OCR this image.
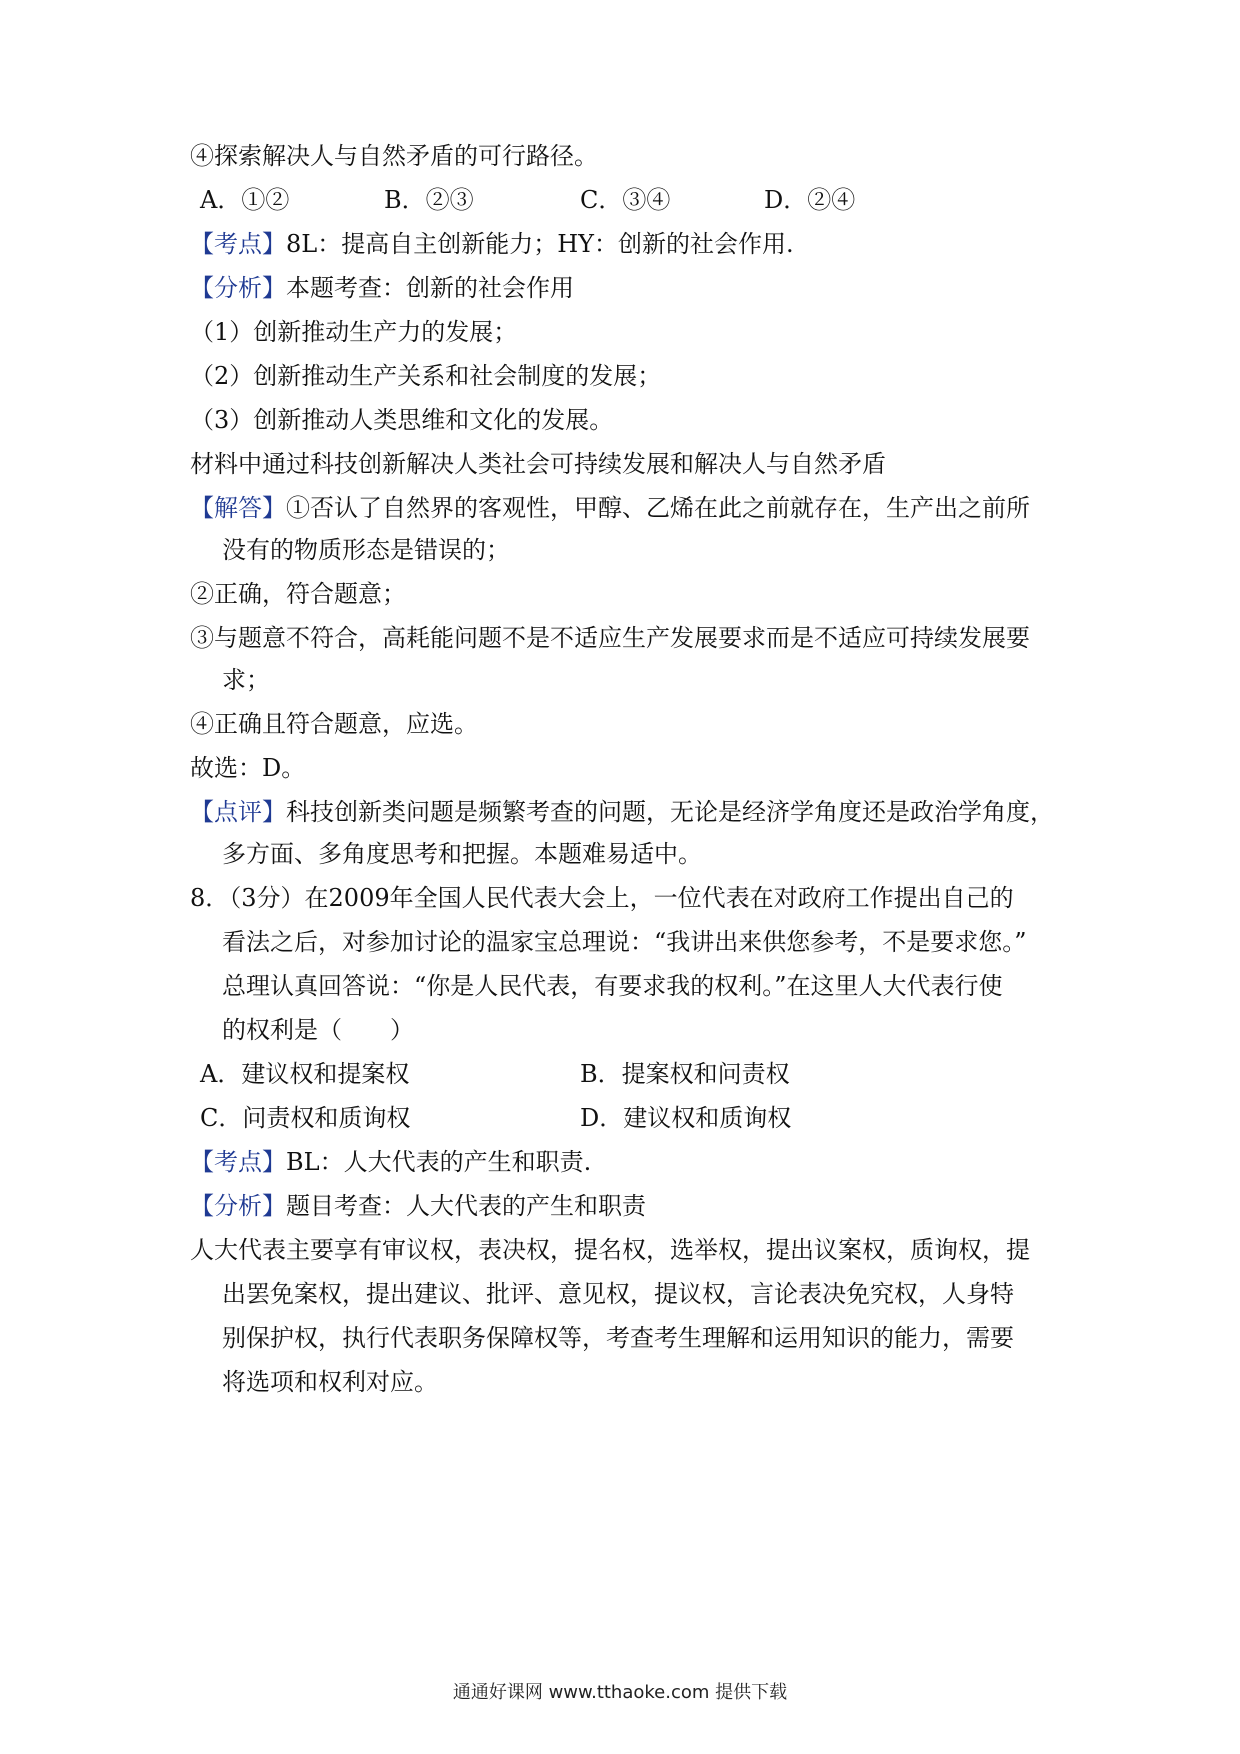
④探索解决人与自然矛盾的可行路径。
A．①②	B．②③	C．③④	D．②④
【考点】8L：提高自主创新能力；HY：创新的社会作用.
【分析】本题考查：创新的社会作用
（1）创新推动生产力的发展；
（2）创新推动生产关系和社会制度的发展；
（3）创新推动人类思维和文化的发展。
材料中通过科技创新解决人类社会可持续发展和解决人与自然矛盾
【解答】①否认了自然界的客观性，甲醇、乙烯在此之前就存在，生产出之前所
没有的物质形态是错误的；
②正确，符合题意；
③与题意不符合，高耗能问题不是不适应生产发展要求而是不适应可持续发展要
求；
④正确且符合题意，应选。
故选：D。
【点评】科技创新类问题是频繁考查的问题，无论是经济学角度还是政治学角度，
多方面、多角度思考和把握。本题难易适中。
8．（3分）在2009年全国人民代表大会上，一位代表在对政府工作提出自己的
看法之后，对参加讨论的温家宝总理说：“我讲出来供您参考，不是要求您。”
总理认真回答说：“你是人民代表，有要求我的权利。”在这里人大代表行使
的权利是（　　）
A．建议权和提案权	B．提案权和问责权
C．问责权和质询权	D．建议权和质询权
【考点】BL：人大代表的产生和职责.
【分析】题目考查：人大代表的产生和职责
人大代表主要享有审议权，表决权，提名权，选举权，提出议案权，质询权，提
出罢免案权，提出建议、批评、意见权，提议权，言论表决免究权，人身特
别保护权，执行代表职务保障权等，考查考生理解和运用知识的能力，需要
将选项和权利对应。
通通好课网 www.tthaoke.com 提供下载
